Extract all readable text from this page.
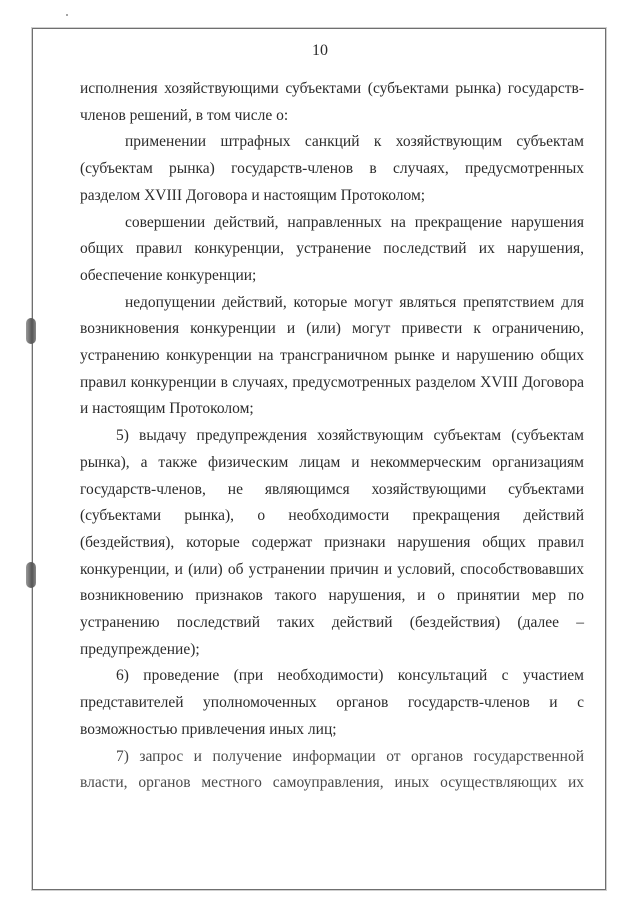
10

исполнения хозяйствующими субъектами (субъектами рынка) государств-членов решений, в том числе о:

применении штрафных санкций к хозяйствующим субъектам (субъектам рынка) государств-членов в случаях, предусмотренных разделом XVIII Договора и настоящим Протоколом;

совершении действий, направленных на прекращение нарушения общих правил конкуренции, устранение последствий их нарушения, обеспечение конкуренции;

недопущении действий, которые могут являться препятствием для возникновения конкуренции и (или) могут привести к ограничению, устранению конкуренции на трансграничном рынке и нарушению общих правил конкуренции в случаях, предусмотренных разделом XVIII Договора и настоящим Протоколом;

5) выдачу предупреждения хозяйствующим субъектам (субъектам рынка), а также физическим лицам и некоммерческим организациям государств-членов, не являющимся хозяйствующими субъектами (субъектами рынка), о необходимости прекращения действий (бездействия), которые содержат признаки нарушения общих правил конкуренции, и (или) об устранении причин и условий, способствовавших возникновению признаков такого нарушения, и о принятии мер по устранению последствий таких действий (бездействия) (далее – предупреждение);

6) проведение (при необходимости) консультаций с участием представителей уполномоченных органов государств-членов и с возможностью привлечения иных лиц;

7) запрос и получение информации от органов государственной власти, органов местного самоуправления, иных осуществляющих их
